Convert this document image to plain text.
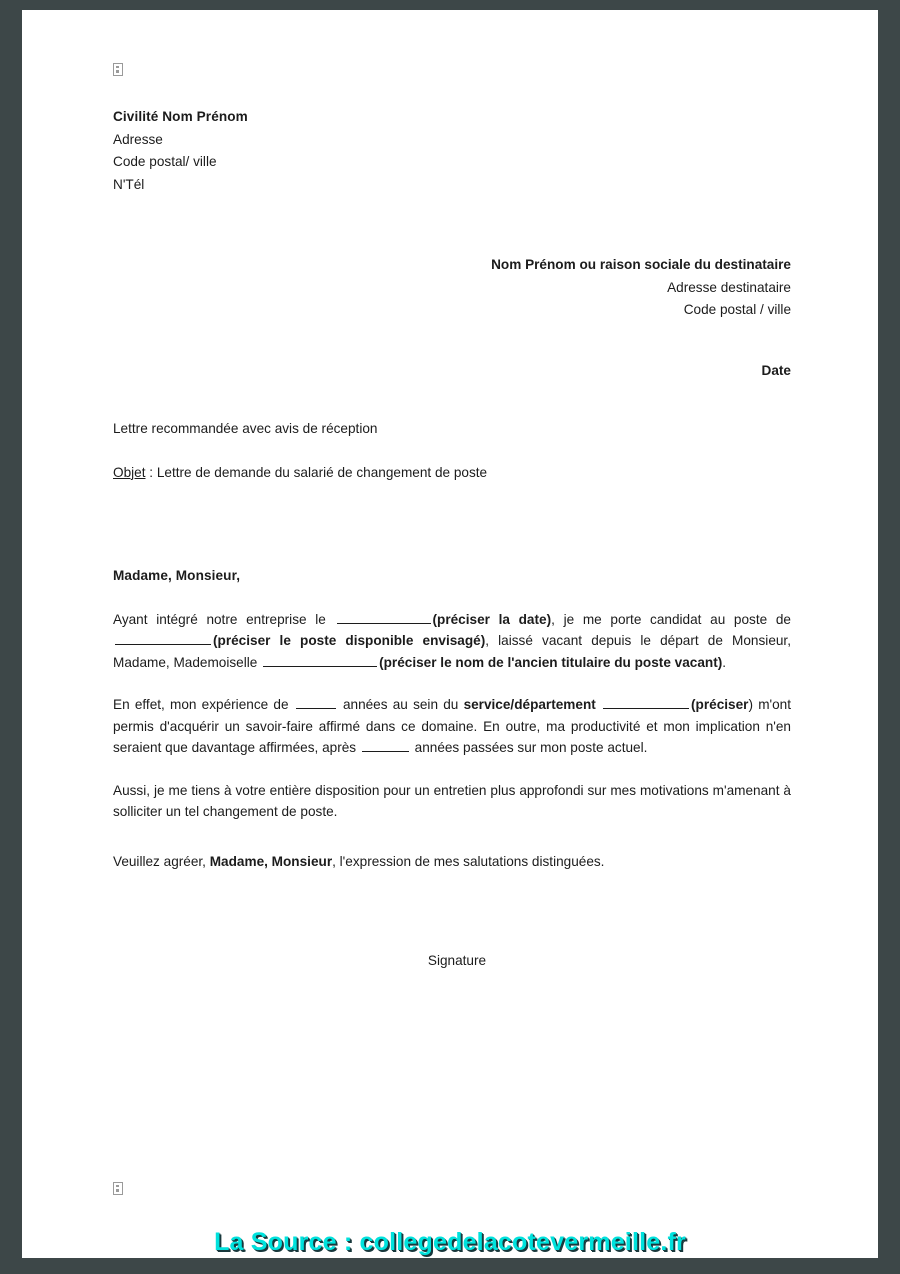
Civilité Nom Prénom
Adresse
Code postal/ ville
N'Tél
Nom Prénom ou raison sociale du destinataire
Adresse destinataire
Code postal / ville
Date
Lettre recommandée avec avis de réception
Objet : Lettre de demande du salarié de changement de poste
Madame, Monsieur,
Ayant intégré notre entreprise le	(préciser la date), je me porte candidat au poste de (préciser le poste disponible envisagé), laissé vacant depuis le départ de Monsieur, Madame, Mademoiselle	(préciser le nom de l'ancien titulaire du poste vacant).
En effet, mon expérience de	années au sein du service/département	(préciser) m'ont permis d'acquérir un savoir-faire affirmé dans ce domaine. En outre, ma productivité et mon implication n'en seraient que davantage affirmées, après	années passées sur mon poste actuel.
Aussi, je me tiens à votre entière disposition pour un entretien plus approfondi sur mes motivations m'amenant à solliciter un tel changement de poste.
Veuillez agréer, Madame, Monsieur, l'expression de mes salutations distinguées.
Signature
La Source : collegedelacotevermeille.fr
